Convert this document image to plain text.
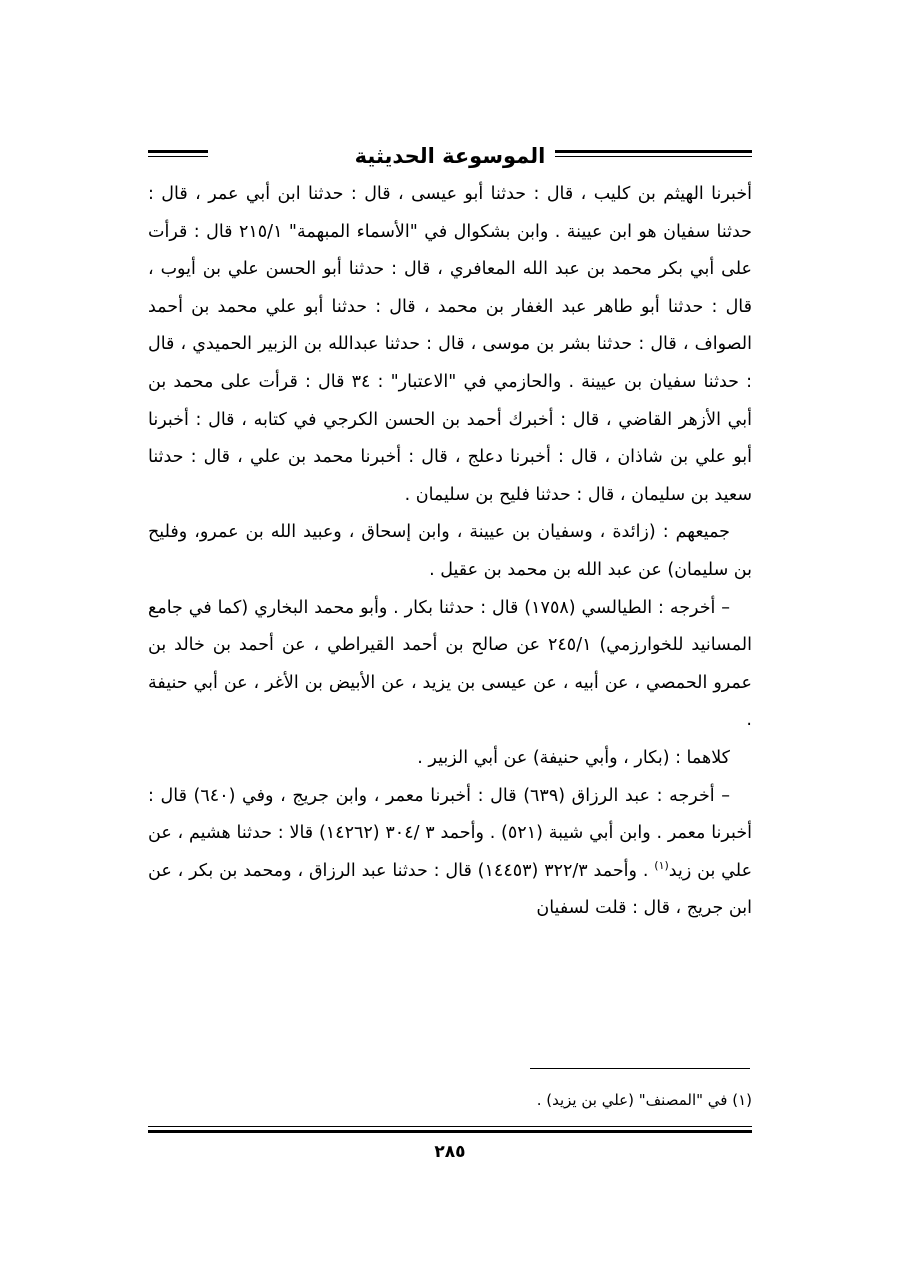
الموسوعة الحديثية

أخبرنا الهيثم بن كليب ، قال : حدثنا أبو عيسى ، قال : حدثنا ابن أبي عمر ، قال : حدثنا سفيان هو ابن عيينة . وابن بشكوال في "الأسماء المبهمة" ٢١٥/١ قال : قرأت على أبي بكر محمد بن عبد الله المعافري ، قال : حدثنا أبو الحسن علي بن أيوب ، قال : حدثنا أبو طاهر عبد الغفار بن محمد ، قال : حدثنا أبو علي محمد بن أحمد الصواف ، قال : حدثنا بشر بن موسى ، قال : حدثنا عبدالله بن الزبير الحميدي ، قال : حدثنا سفيان بن عيينة . والحازمي في "الاعتبار" : ٣٤ قال : قرأت على محمد بن أبي الأزهر القاضي ، قال : أخبرك أحمد بن الحسن الكرجي في كتابه ، قال : أخبرنا أبو علي بن شاذان ، قال : أخبرنا دعلج ، قال : أخبرنا محمد بن علي ، قال : حدثنا سعيد بن سليمان ، قال : حدثنا فليح بن سليمان .

جميعهم : (زائدة ، وسفيان بن عيينة ، وابن إسحاق ، وعبيد الله بن عمرو، وفليح بن سليمان) عن عبد الله بن محمد بن عقيل .

– أخرجه : الطيالسي (١٧٥٨) قال : حدثنا بكار . وأبو محمد البخاري (كما في جامع المسانيد للخوارزمي) ٢٤٥/١ عن صالح بن أحمد القيراطي ، عن أحمد بن خالد بن عمرو الحمصي ، عن أبيه ، عن عيسى بن يزيد ، عن الأبيض بن الأغر ، عن أبي حنيفة .

كلاهما : (بكار ، وأبي حنيفة) عن أبي الزبير .

– أخرجه : عبد الرزاق (٦٣٩) قال : أخبرنا معمر ، وابن جريج ، وفي (٦٤٠) قال : أخبرنا معمر . وابن أبي شيبة (٥٢١) . وأحمد ٣ /٣٠٤ (١٤٢٦٢) قالا : حدثنا هشيم ، عن علي بن زيد$^{(١)}$ . وأحمد ٣٢٢/٣ (١٤٤٥٣) قال : حدثنا عبد الرزاق ، ومحمد بن بكر ، عن ابن جريج ، قال : قلت لسفيان

(١) في "المصنف" (علي بن يزيد) .
٢٨٥
